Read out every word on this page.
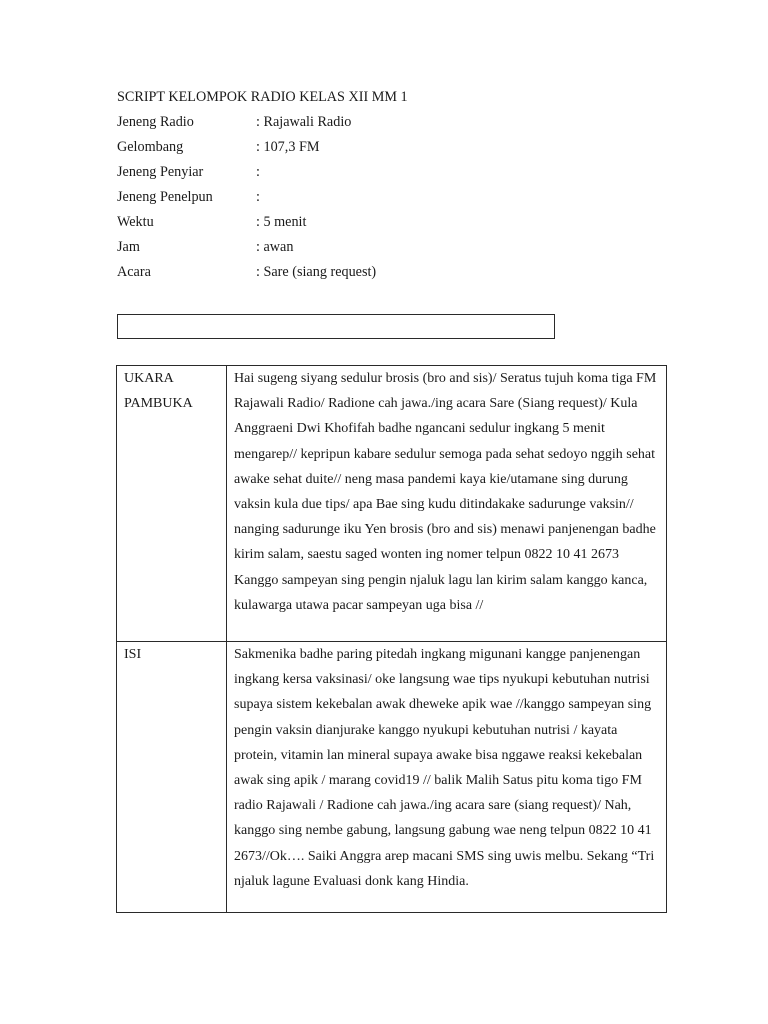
SCRIPT KELOMPOK RADIO KELAS XII MM 1
Jeneng Radio	: Rajawali Radio
Gelombang	: 107,3 FM
Jeneng Penyiar	:
Jeneng Penelpun	:
Wektu	: 5 menit
Jam	: awan
Acara	: Sare (siang request)
UKARA
PAMBUKA	Hai sugeng siyang sedulur brosis (bro and sis)/ Seratus tujuh koma tiga FM Rajawali Radio/ Radione cah jawa./ing acara Sare (Siang request)/ Kula Anggraeni Dwi Khofifah badhe ngancani sedulur ingkang 5 menit mengarep// kepripun kabare sedulur semoga pada sehat sedoyo nggih sehat awake sehat duite// neng masa pandemi kaya kie/utamane sing durung vaksin kula due tips/ apa Bae sing kudu ditindakake sadurunge vaksin// nanging sadurunge iku Yen brosis (bro and sis) menawi panjenengan badhe kirim salam, saestu saged wonten ing nomer telpun 0822 10 41 2673 Kanggo sampeyan sing pengin njaluk lagu lan kirim salam kanggo kanca, kulawarga utawa pacar sampeyan uga bisa //
ISI	Sakmenika badhe paring pitedah ingkang migunani kangge panjenengan ingkang kersa vaksinasi/ oke langsung wae tips nyukupi kebutuhan nutrisi supaya sistem kekebalan awak dheweke apik wae //kanggo sampeyan sing pengin vaksin dianjurake kanggo nyukupi kebutuhan nutrisi / kayata protein, vitamin lan mineral supaya awake bisa nggawe reaksi kekebalan awak sing apik / marang covid19 // balik Malih Satus pitu koma tigo FM radio Rajawali / Radione cah jawa./ing acara sare (siang request)/ Nah, kanggo sing nembe gabung, langsung gabung wae neng telpun 0822 10 41 2673//Ok…. Saiki Anggra arep macani SMS sing uwis melbu. Sekang “Tri njaluk lagune Evaluasi donk kang Hindia.
